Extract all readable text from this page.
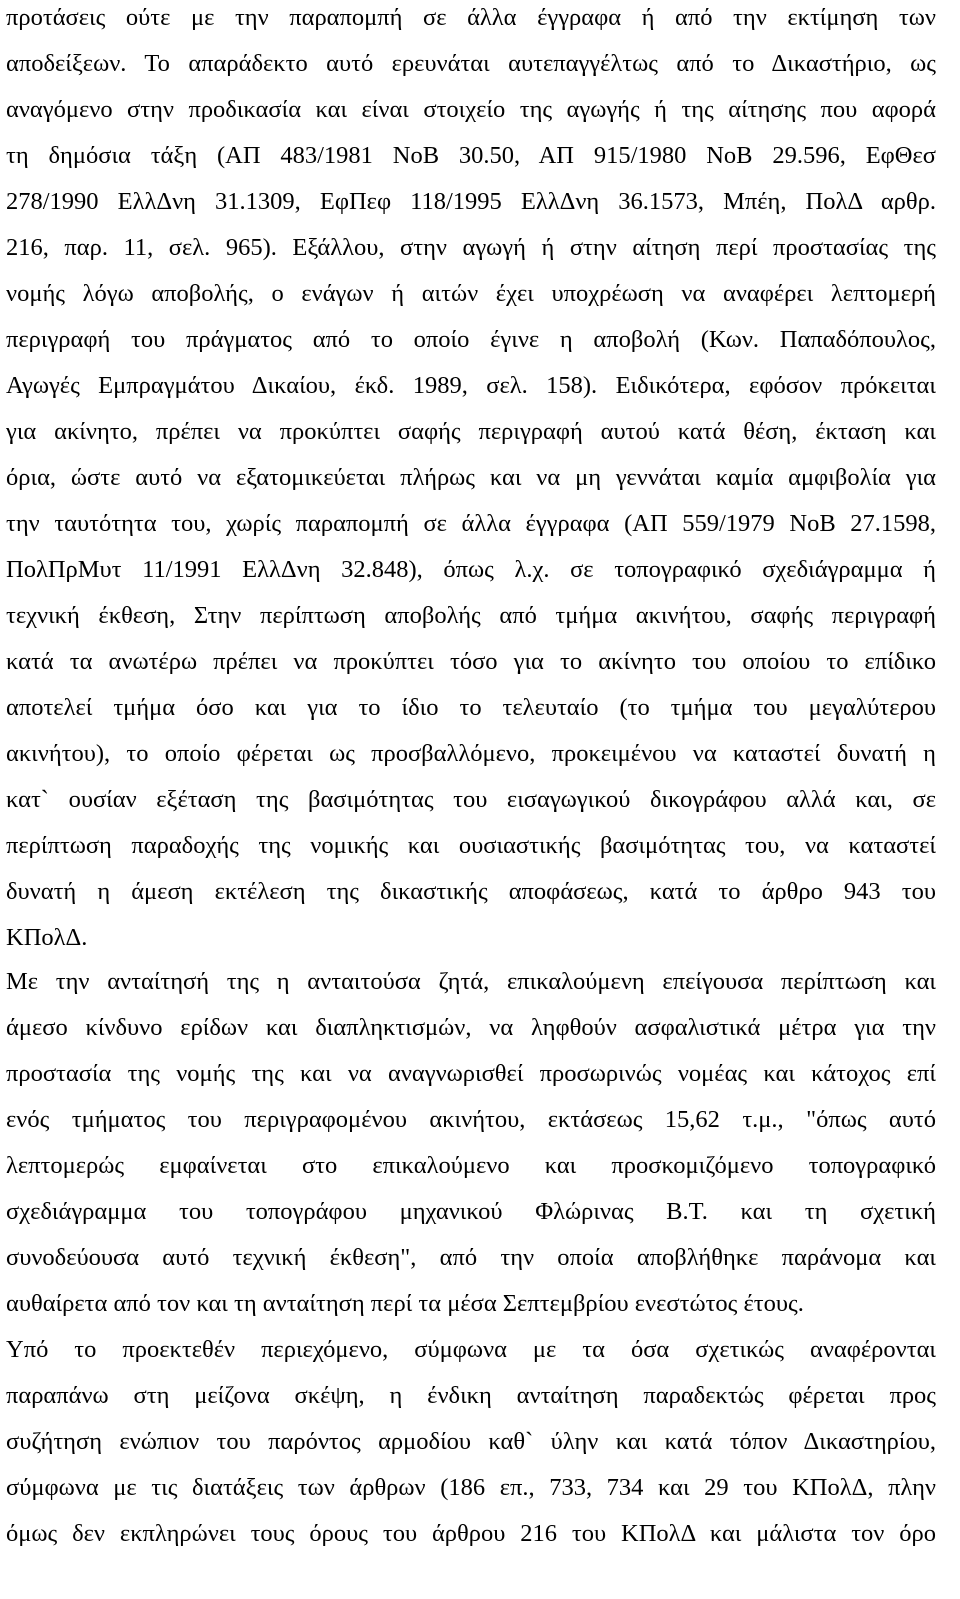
προτάσεις ούτε με την παραπομπή σε άλλα έγγραφα ή από την εκτίμηση των
αποδείξεων. Το απαράδεκτο αυτό ερευνάται αυτεπαγγέλτως από το Δικαστήριο, ως
αναγόμενο στην προδικασία και είναι στοιχείο της αγωγής ή της αίτησης που αφορά
τη δημόσια τάξη (ΑΠ 483/1981 ΝοΒ 30.50, ΑΠ 915/1980 ΝοΒ 29.596, ΕφΘεσ
278/1990 ΕλλΔνη 31.1309, ΕφΠεφ 118/1995 ΕλλΔνη 36.1573, Μπέη, ΠολΔ αρθρ.
216, παρ. 11, σελ. 965). Εξάλλου, στην αγωγή ή στην αίτηση περί προστασίας της
νομής λόγω αποβολής, ο ενάγων ή αιτών έχει υποχρέωση να αναφέρει λεπτομερή
περιγραφή του πράγματος από το οποίο έγινε η αποβολή (Κων. Παπαδόπουλος,
Αγωγές Εμπραγμάτου Δικαίου, έκδ. 1989, σελ. 158). Ειδικότερα, εφόσον πρόκειται
για ακίνητο, πρέπει να προκύπτει σαφής περιγραφή αυτού κατά θέση, έκταση και
όρια, ώστε αυτό να εξατομικεύεται πλήρως και να μη γεννάται καμία αμφιβολία για
την ταυτότητα του, χωρίς παραπομπή σε άλλα έγγραφα (ΑΠ 559/1979 ΝοΒ 27.1598,
ΠολΠρΜυτ 11/1991 ΕλλΔνη 32.848), όπως λ.χ. σε τοπογραφικό σχεδιάγραμμα ή
τεχνική έκθεση, Στην περίπτωση αποβολής από τμήμα ακινήτου, σαφής περιγραφή
κατά τα ανωτέρω πρέπει να προκύπτει τόσο για το ακίνητο του οποίου το επίδικο
αποτελεί τμήμα όσο και για το ίδιο το τελευταίο (το τμήμα του μεγαλύτερου
ακινήτου), το οποίο φέρεται ως προσβαλλόμενο, προκειμένου να καταστεί δυνατή η
κατ` ουσίαν εξέταση της βασιμότητας του εισαγωγικού δικογράφου αλλά και, σε
περίπτωση παραδοχής της νομικής και ουσιαστικής βασιμότητας του, να καταστεί
δυνατή η άμεση εκτέλεση της δικαστικής αποφάσεως, κατά το άρθρο 943 του
ΚΠολΔ.
Με την ανταίτησή της η ανταιτούσα ζητά, επικαλούμενη επείγουσα περίπτωση και
άμεσο κίνδυνο ερίδων και διαπληκτισμών, να ληφθούν ασφαλιστικά μέτρα για την
προστασία της νομής της και να αναγνωρισθεί προσωρινώς νομέας και κάτοχος επί
ενός τμήματος του περιγραφομένου ακινήτου, εκτάσεως 15,62 τ.μ., "όπως αυτό
λεπτομερώς εμφαίνεται στο επικαλούμενο και προσκομιζόμενο τοπογραφικό
σχεδιάγραμμα του τοπογράφου μηχανικού Φλώρινας Β.Τ. και τη σχετική
συνοδεύουσα αυτό τεχνική έκθεση", από την οποία αποβλήθηκε παράνομα και
αυθαίρετα από τον και τη ανταίτηση περί τα μέσα Σεπτεμβρίου ενεστώτος έτους.
Υπό το προεκτεθέν περιεχόμενο, σύμφωνα με τα όσα σχετικώς αναφέρονται
παραπάνω στη μείζονα σκέψη, η ένδικη ανταίτηση παραδεκτώς φέρεται προς
συζήτηση ενώπιον του παρόντος αρμοδίου καθ` ύλην και κατά τόπον Δικαστηρίου,
σύμφωνα με τις διατάξεις των άρθρων (186 επ., 733, 734 και 29 του ΚΠολΔ, πλην
όμως δεν εκπληρώνει τους όρους του άρθρου 216 του ΚΠολΔ και μάλιστα τον όρο
